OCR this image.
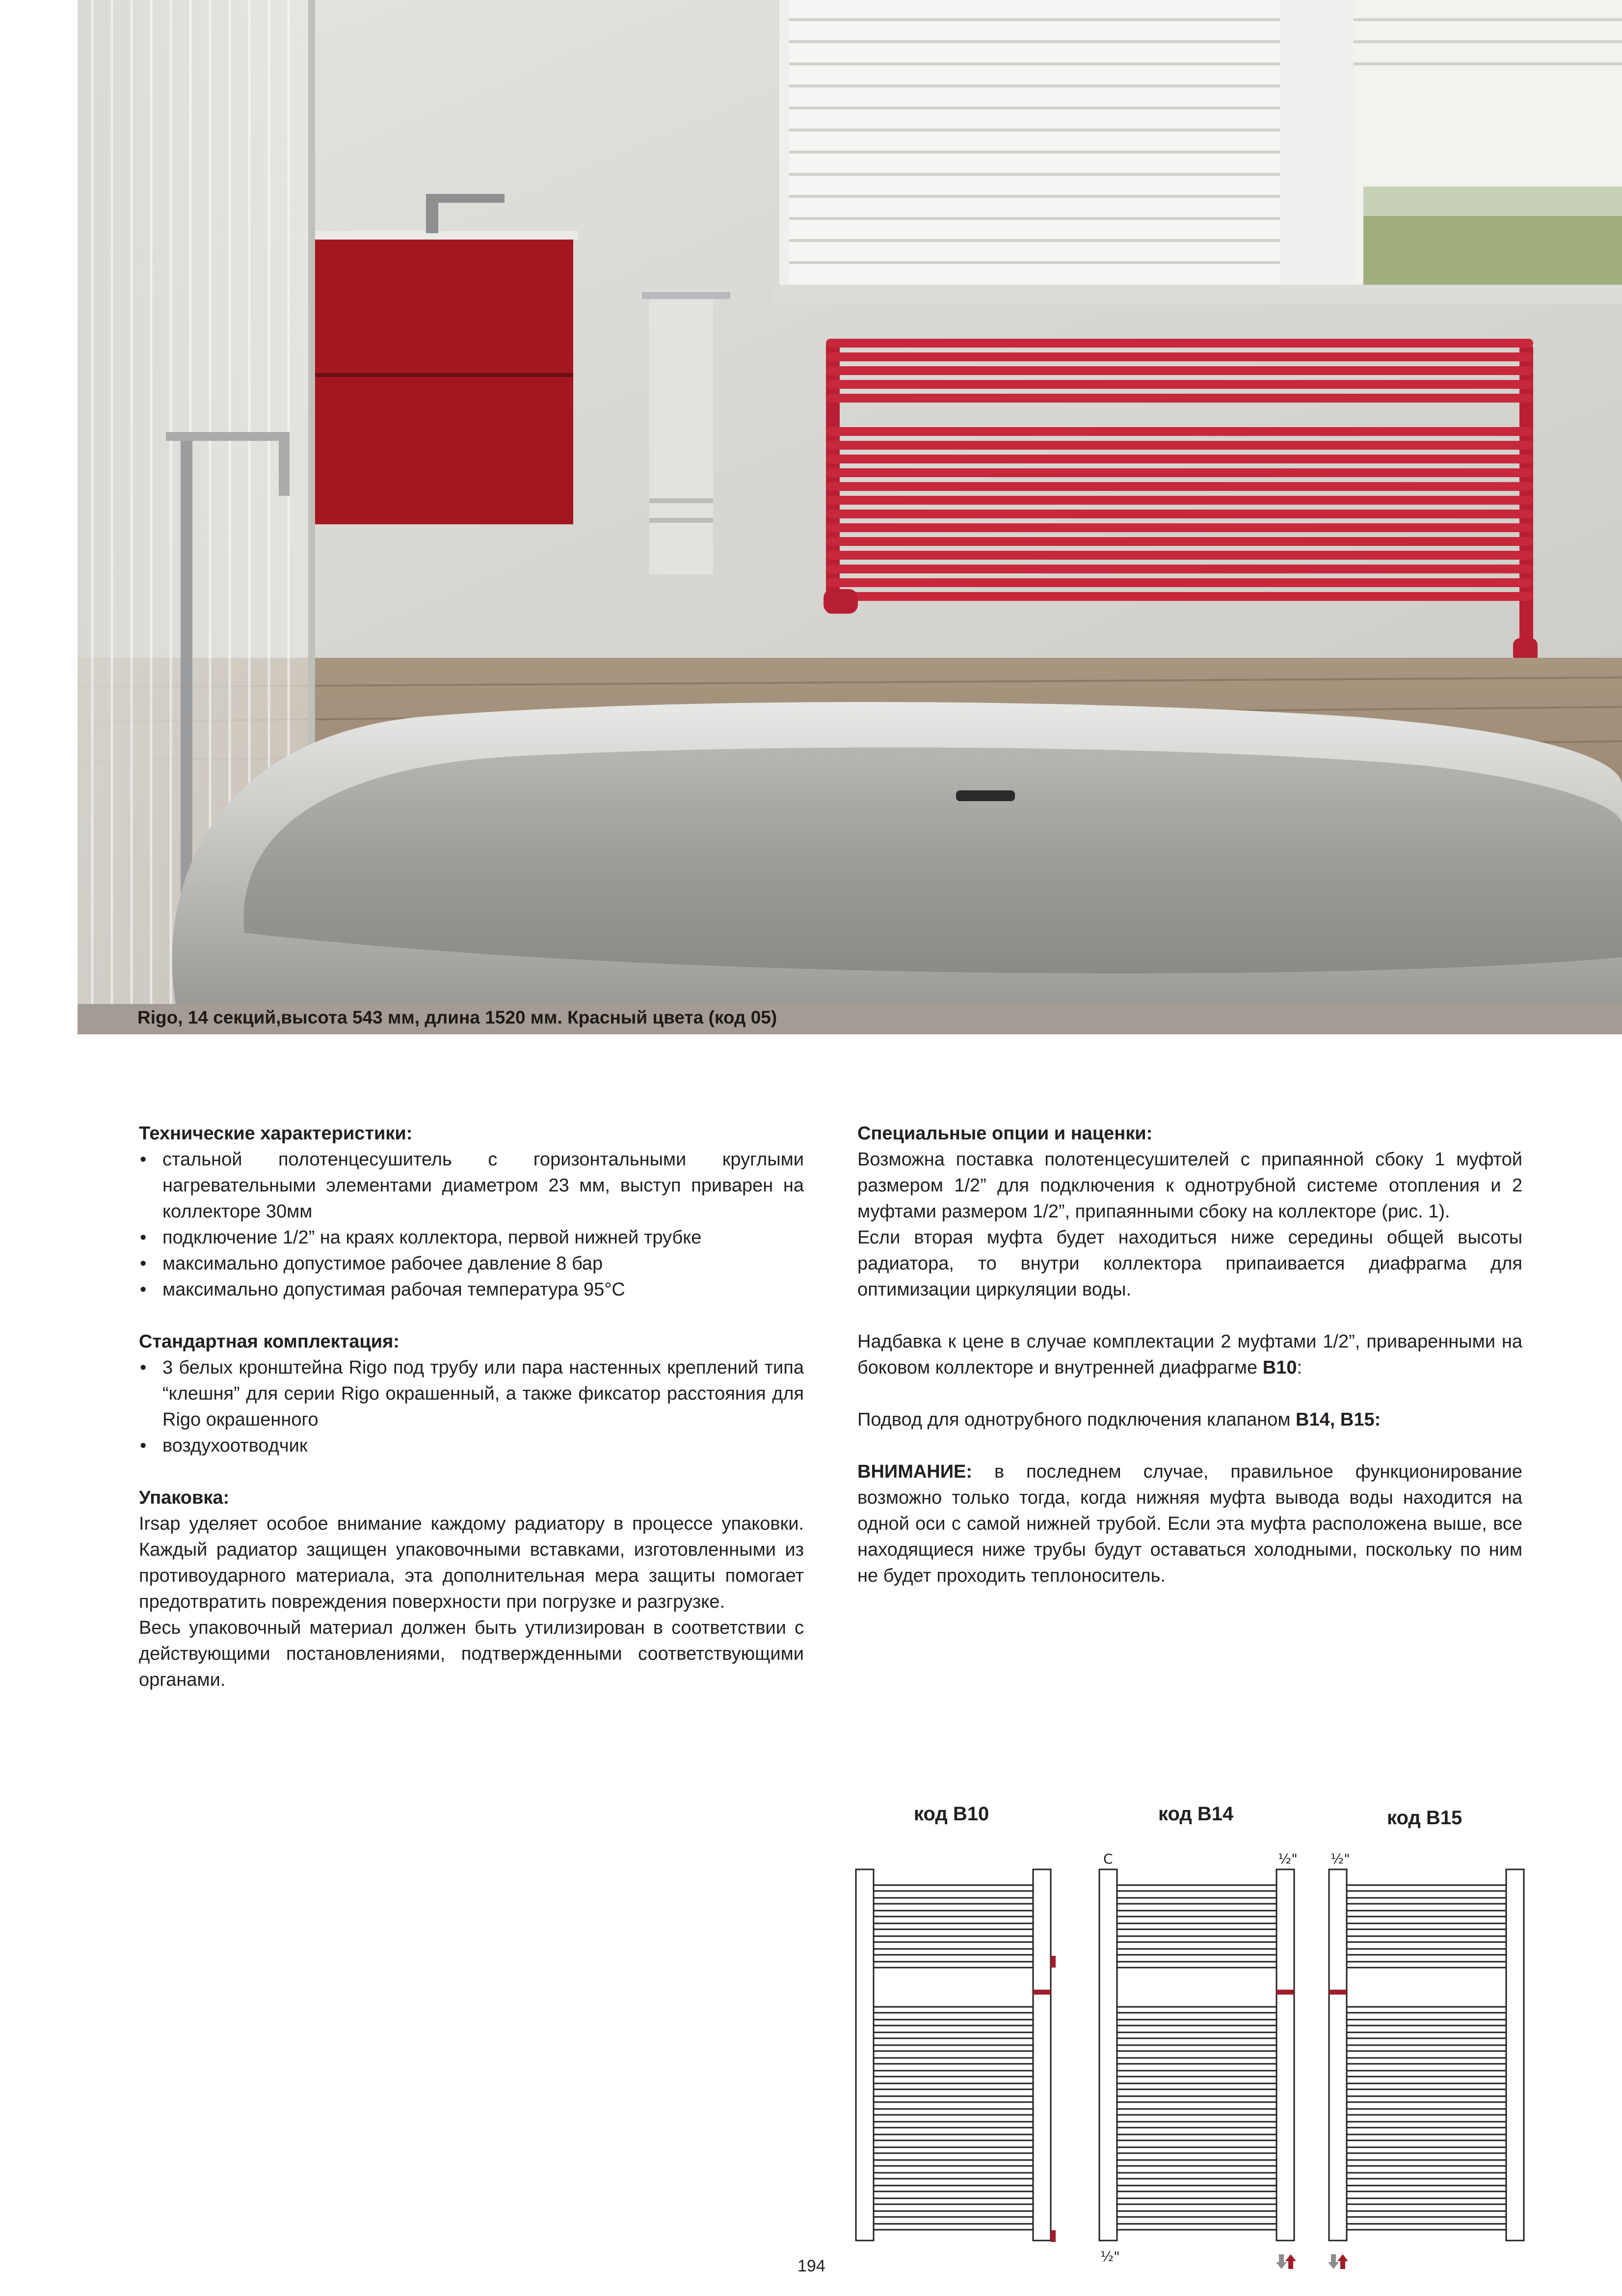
Rigo, 14 секций,высота 543 мм, длина 1520 мм. Красный цвета (код 05)
Технические характеристики:
• стальной полотенцесушитель с горизонтальными круглыми нагревательными элементами диаметром 23 мм, выступ приварен на коллекторе 30мм
• подключение 1/2” на краях коллектора, первой нижней трубке
• максимально допустимое рабочее давление 8 бар
• максимально допустимая рабочая температура 95°C
Стандартная комплектация:
• 3 белых кронштейна Rigo под трубу или пара настенных креплений типа “клешня” для серии Rigo окрашенный, а также фиксатор расстояния для Rigo окрашенного
• воздухоотводчик
Упаковка:

Irsap уделяет особое внимание каждому радиатору в процессе упаковки. Каждый радиатор защищен упаковочными вставками, изготовленными из противоударного материала, эта дополнительная мера защиты помогает предотвратить повреждения поверхности при погрузке и разгрузке.

Весь упаковочный материал должен быть утилизирован в соответствии с действующими постановлениями, подтвержденными соответствующими органами.

Специальные опции и наценки:

Возможна поставка полотенцесушителей с припаянной сбоку 1 муфтой размером 1/2” для подключения к однотрубной системе отопления и 2 муфтами размером 1/2”, припаянными сбоку на коллекторе (рис. 1).

Если вторая муфта будет находиться ниже середины общей высоты радиатора, то внутри коллектора припаивается диафрагма для оптимизации циркуляции воды.

Надбавка к цене в случае комплектации 2 муфтами 1/2”, приваренными на боковом коллекторе и внутренней диафрагме B10:

Подвод для однотрубного подключения клапаном B14, B15:

ВНИМАНИЕ: в последнем случае, правильное функционирование возможно только тогда, когда нижняя муфта вывода воды находится на одной оси с самой нижней трубой. Если эта муфта расположена выше, все находящиеся ниже трубы будут оставаться холодными, поскольку по ним не будет проходить теплоноситель.

код B10	код B14	код B15
C	½"
½"
½"
194
